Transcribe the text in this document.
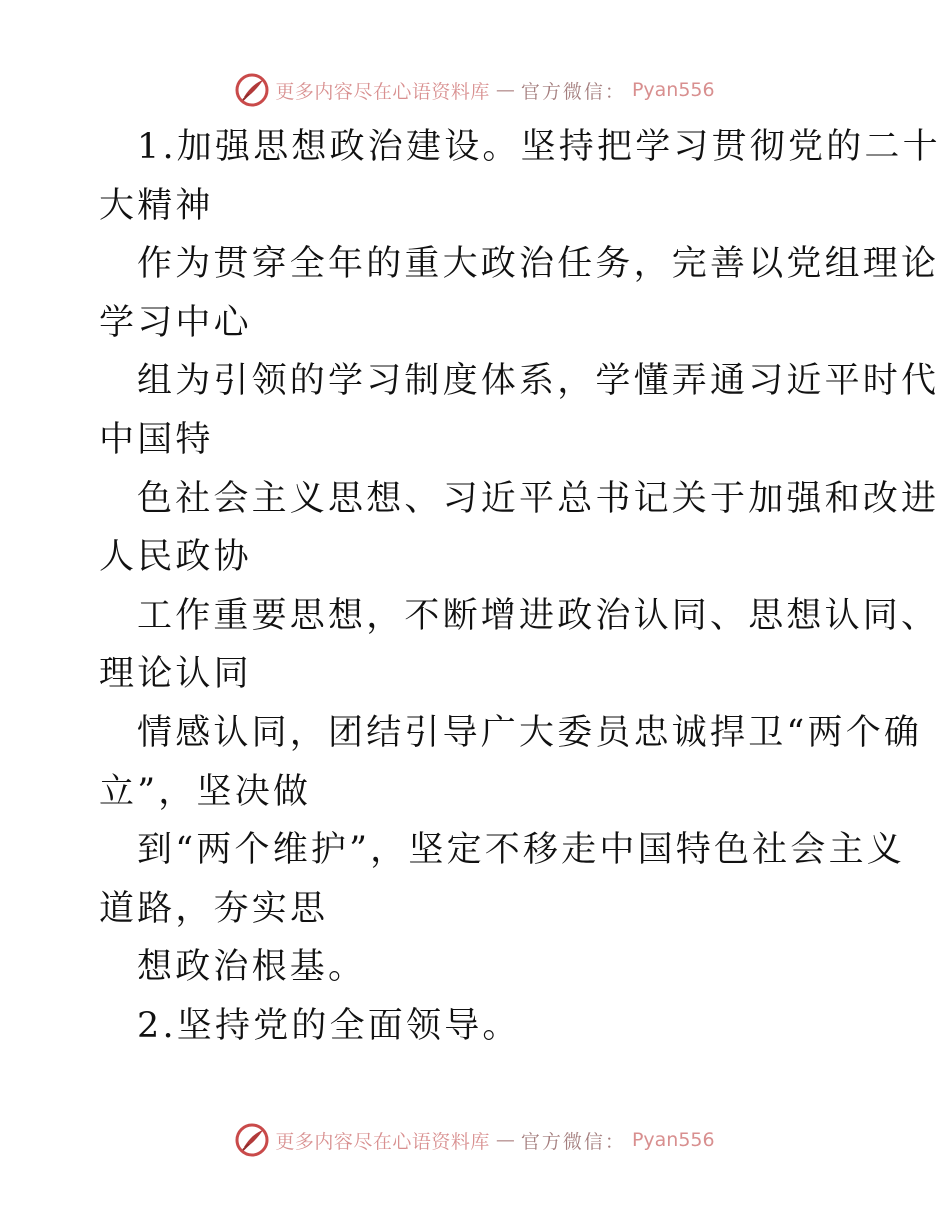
更多内容尽在心语资料库 — 官方微信： Pyan556
1.加强思想政治建设。坚持把学习贯彻党的二十
大精神
作为贯穿全年的重大政治任务，完善以党组理论
学习中心
组为引领的学习制度体系，学懂弄通习近平时代
中国特
色社会主义思想、习近平总书记关于加强和改进
人民政协
工作重要思想，不断增进政治认同、思想认同、
理论认同
情感认同，团结引导广大委员忠诚捍卫“两个确
立”，坚决做
到“两个维护”，坚定不移走中国特色社会主义
道路，夯实思
想政治根基。
2.坚持党的全面领导。
更多内容尽在心语资料库 — 官方微信： Pyan556
